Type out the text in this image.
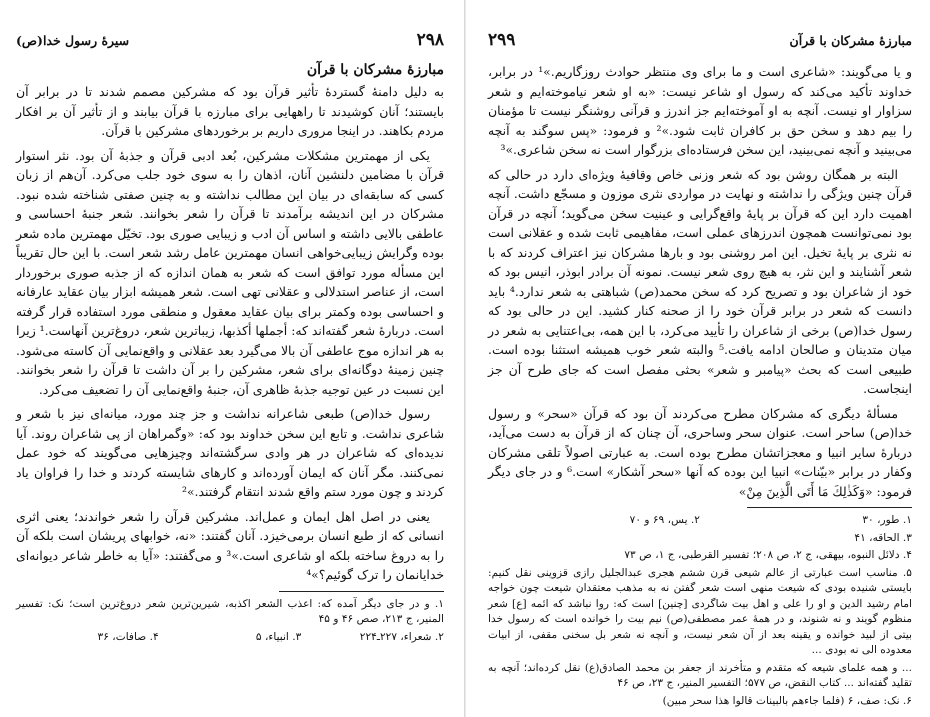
۲۹۸
سیرهٔ رسول خدا(ص)
مبارزهٔ مشرکان با قرآن

به دلیل دامنهٔ گستردهٔ تأثیر قرآن بود که مشرکین مصمم شدند تا در برابر آن بایستند؛ آنان کوشیدند تا راههایی برای مبارزه با قرآن بیابند و از تأثیر آن بر افکار مردم بکاهند. در اینجا مروری داریم بر برخوردهای مشرکین با قرآن.

یکی از مهمترین مشکلات مشرکین، بُعد ادبی قرآن و جذبهٔ آن بود. نثر استوار قرآن با مضامین دلنشین آنان، اذهان را به سوی خود جلب می‌کرد. آن‌هم از زبان کسی که سابقه‌ای در بیان این مطالب نداشته و به چنین صفتی شناخته شده نبود. مشرکان در این اندیشه برآمدند تا قرآن را شعر بخوانند. شعر جنبهٔ احساسی و عاطفی بالایی داشته و اساس آن ادب و زیبایی صوری بود. تخیّل مهمترین ماده شعر بوده وگرایش زیبایی‌خواهی انسان مهمترین عامل رشد شعر است. با این حال تقریباً این مسأله مورد توافق است که شعر به همان اندازه که از جذبه صوری برخوردار است، از عناصر استدلالی و عقلانی تهی است. شعر همیشه ابزار بیان عقاید عارفانه و احساسی بوده وکمتر برای بیان عقاید معقول و منطقی مورد استفاده قرار گرفته است. دربارهٔ شعر گفته‌اند که: أجملها أكذبها، زیباترین شعر، دروغ‌ترین آنهاست.¹ زیرا به هر اندازه موج عاطفی آن بالا می‌گیرد بعد عقلانی و واقع‌نمایی آن کاسته می‌شود. چنین زمینهٔ دوگانه‌ای برای شعر، مشرکین را بر آن داشت تا قرآن را شعر بخوانند. این نسبت در عین توجیه جذبهٔ ظاهری آن، جنبهٔ واقع‌نمایی آن را تضعیف می‌کرد.

رسول خدا(ص) طبعی شاعرانه نداشت و جز چند مورد، میانه‌ای نیز با شعر و شاعری نداشت. و تابع این سخن خداوند بود که: «وگمراهان از پی شاعران روند. آیا ندیده‌ای که شاعران در هر وادی سرگشته‌اند وچیزهایی می‌گویند که خود عمل نمی‌کنند. مگر آنان که ایمان آورده‌اند و کارهای شایسته کردند و خدا را فراوان یاد کردند و چون مورد ستم واقع شدند انتقام گرفتند.»²

یعنی در اصل اهل ایمان و عمل‌اند. مشرکین قرآن را شعر خواندند؛ یعنی اثری انسانی که از طبع انسان برمی‌خیزد. آنان گفتند: «نه، خوابهای پریشان است بلکه آن را به دروغ ساخته بلکه او شاعری است.»³ و می‌گفتند: «آیا به خاطر شاعر دیوانه‌ای خدایانمان را ترک گوئیم؟»⁴

۱. و در جای دیگر آمده که: اعذب الشعر اکذبه، شیرین‌ترین شعر دروغ‌ترین است؛ نک: تفسیر المنیر، ج ۲۱۳، صص ۴۶ و ۴۵

۲. شعراء، ۲۲۷ـ۲۲۴
۳. انبیاء، ۵
۴. صافات، ۳۶
مبارزهٔ مشرکان با قرآن
۲۹۹

و یا می‌گویند: «شاعری است و ما برای وی منتظر حوادث روزگاریم.»¹ در برابر، خداوند تأکید می‌کند که رسول او شاعر نیست: «به او شعر نیاموخته‌ایم و شعر سزاوار او نیست. آنچه به او آموخته‌ایم جز اندرز و قرآنی روشنگر نیست تا مؤمنان را بیم دهد و سخن حق بر کافران ثابت شود.»² و فرمود: «پس سوگند به آنچه می‌بینید و آنچه نمی‌بینید، این سخن فرستاده‌ای بزرگوار است نه سخن شاعری.»³

البته بر همگان روشن بود که شعر وزنی خاص وقافیهٔ ویژه‌ای دارد در حالی که قرآن چنین ویژگی را نداشته و نهایت در مواردی نثری موزون و مسجّع داشت. آنچه اهمیت دارد این که قرآن بر پایهٔ واقع‌گرایی و عینیت سخن می‌گوید؛ آنچه در قرآن بود نمی‌توانست همچون اندرزهای عملی است، مفاهیمی ثابت شده و عقلانی است نه نثری بر پایهٔ تخیل. این امر روشنی بود و بارها مشرکان نیز اعتراف کردند که با شعر آشنایند و این نثر، به هیچ روی شعر نیست. نمونه آن برادر ابوذر، انیس بود که خود از شاعران بود و تصریح کرد که سخن محمد(ص) شباهتی به شعر ندارد.⁴ باید دانست که شعر در برابر قرآن خود را از صحنه کنار کشید. این در حالی بود که رسول خدا(ص) برخی از شاعران را تأیید می‌کرد، با این همه، بی‌اعتنایی به شعر در میان متدینان و صالحان ادامه یافت.⁵ والبته شعر خوب همیشه استثنا بوده است. طبیعی است که بحث «پیامبر و شعر» بحثی مفصل است که جای طرح آن جز اینجاست.

مسألهٔ دیگری که مشرکان مطرح می‌کردند آن بود که قرآن «سحر» و رسول خدا(ص) ساحر است. عنوان سحر وساحری، آن چنان که از قرآن به دست می‌آید، دربارهٔ سایر انبیا و معجزاتشان مطرح بوده است. به عبارتی اصولاً تلقی مشرکان وکفار در برابر «بیّنات» انبیا این بوده که آنها «سحر آشکار» است.⁶ و در جای دیگر فرمود: «وَكَذٰلِكَ مَا أَتَى الَّذِينَ مِنْ»

۱. طور، ۳۰
۲. یس، ۶۹ و ۷۰

۳. الحاقه، ۴۱

۴. دلائل النبوه، بیهقی، ج ۲، ص ۲۰۸؛ تفسیر القرطبی، ج ۱، ص ۷۳

۵. مناسب است عبارتی از عالم شیعی قرن ششم هجری عبدالجلیل رازی قزوینی نقل کنیم: بایستی شنیده بودی که شیعت منهی است شعر گفتن نه به مذهب معتقدان شیعت چون خواجه امام رشید الدین و او را علی و اهل بیت شاگردی [چنین] است که: روا نباشد که ائمه [ع] شعر منظوم گویند و نه شنوند، و در همهٔ عمر مصطفی(ص) نیم بیت را خوانده‌ است که رسول خدا بیتی از لبید خوانده و یقینه بعد از آن شعر نیست، و آنچه نه شعر بل سخنی مقفی، از ابیات معدوده الی نه بودی ...

... و همه علمای شیعه که متقدم و متأخرند از جعفر بن محمد الصادق(ع) نقل کرده‌اند؛ آنچه به تقلید گفته‌اند ... کتاب النقض، ص ۵۷۷؛ التفسیر المنیر، ج ۲۳، ص ۴۶

۶. نک: صف، ۶ (فلما جاءهم بالبینات قالوا هذا سحر مبین)
